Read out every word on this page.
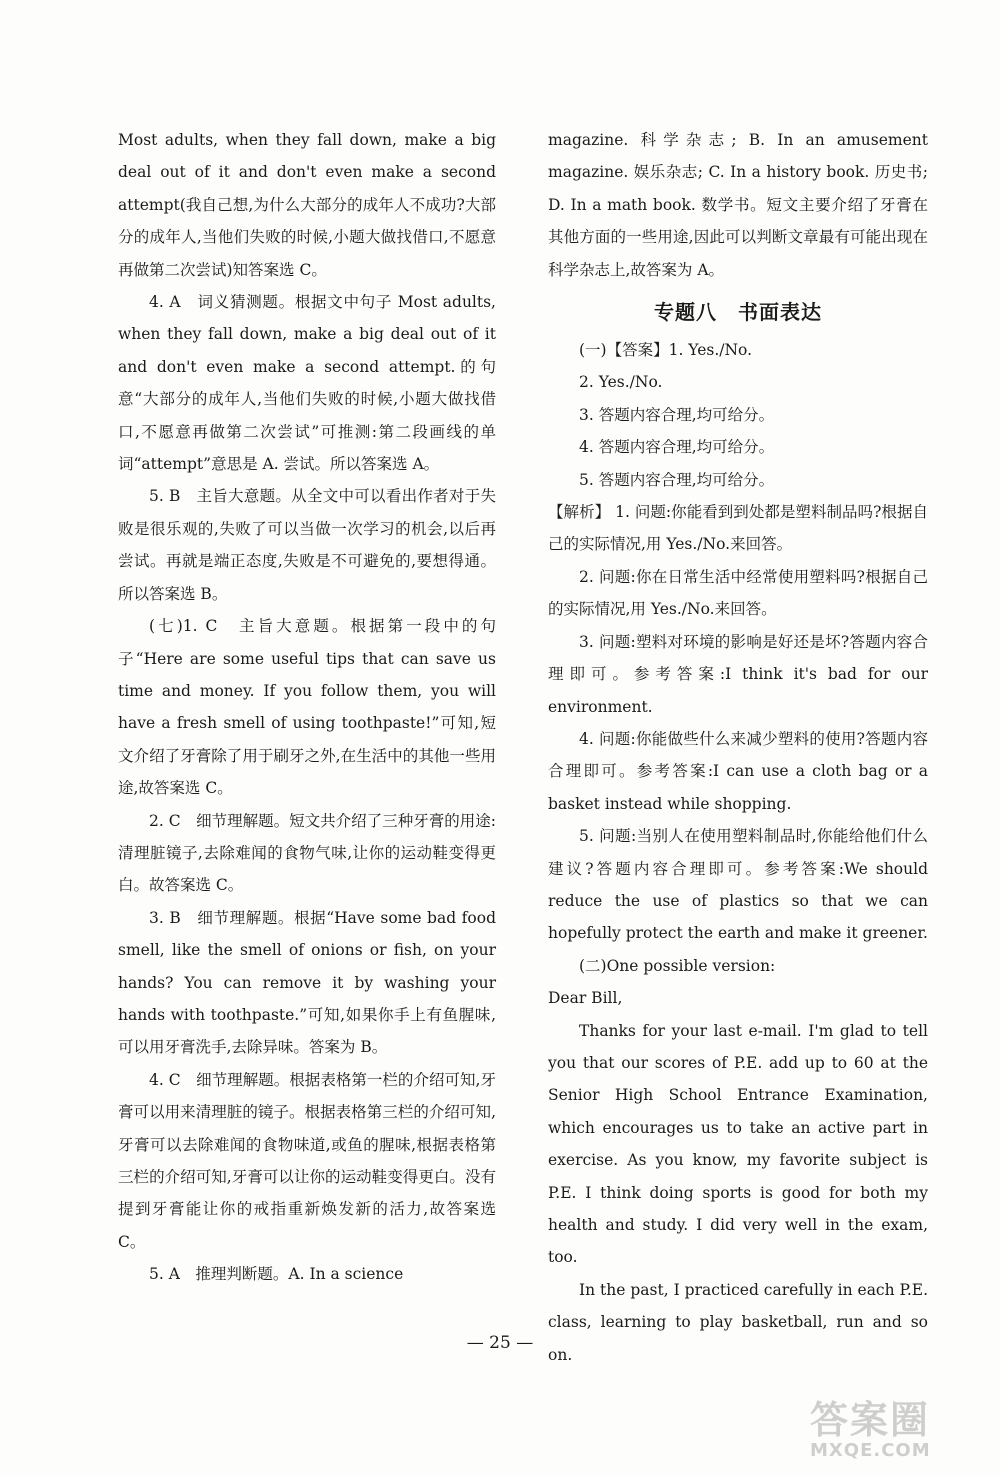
Most adults, when they fall down, make a big deal out of it and don't even make a second attempt(我自己想,为什么大部分的成年人不成功?大部分的成年人,当他们失败的时候,小题大做找借口,不愿意再做第二次尝试)知答案选 C。

4. A　词义猜测题。根据文中句子 Most adults, when they fall down, make a big deal out of it and don't even make a second attempt.的句意“大部分的成年人,当他们失败的时候,小题大做找借口,不愿意再做第二次尝试”可推测:第二段画线的单词“attempt”意思是 A. 尝试。所以答案选 A。

5. B　主旨大意题。从全文中可以看出作者对于失败是很乐观的,失败了可以当做一次学习的机会,以后再尝试。再就是端正态度,失败是不可避免的,要想得通。所以答案选 B。

(七)1. C　主旨大意题。根据第一段中的句子“Here are some useful tips that can save us time and money. If you follow them, you will have a fresh smell of using toothpaste!”可知,短文介绍了牙膏除了用于刷牙之外,在生活中的其他一些用途,故答案选 C。

2. C　细节理解题。短文共介绍了三种牙膏的用途:清理脏镜子,去除难闻的食物气味,让你的运动鞋变得更白。故答案选 C。

3. B　细节理解题。根据“Have some bad food smell, like the smell of onions or fish, on your hands? You can remove it by washing your hands with toothpaste.”可知,如果你手上有鱼腥味,可以用牙膏洗手,去除异味。答案为 B。

4. C　细节理解题。根据表格第一栏的介绍可知,牙膏可以用来清理脏的镜子。根据表格第三栏的介绍可知,牙膏可以去除难闻的食物味道,或鱼的腥味,根据表格第三栏的介绍可知,牙膏可以让你的运动鞋变得更白。没有提到牙膏能让你的戒指重新焕发新的活力,故答案选 C。

5. A　推理判断题。A. In a science

magazine. 科学杂志; B. In an amusement magazine. 娱乐杂志; C. In a history book. 历史书; D. In a math book. 数学书。短文主要介绍了牙膏在其他方面的一些用途,因此可以判断文章最有可能出现在科学杂志上,故答案为 A。

专题八　书面表达

(一)【答案】1. Yes./No.

2. Yes./No.

3. 答题内容合理,均可给分。

4. 答题内容合理,均可给分。

5. 答题内容合理,均可给分。

【解析】 1. 问题:你能看到到处都是塑料制品吗?根据自己的实际情况,用 Yes./No.来回答。

2. 问题:你在日常生活中经常使用塑料吗?根据自己的实际情况,用 Yes./No.来回答。

3. 问题:塑料对环境的影响是好还是坏?答题内容合理即可。参考答案:I think it's bad for our environment.

4. 问题:你能做些什么来减少塑料的使用?答题内容合理即可。参考答案:I can use a cloth bag or a basket instead while shopping.

5. 问题:当别人在使用塑料制品时,你能给他们什么建议?答题内容合理即可。参考答案:We should reduce the use of plastics so that we can hopefully protect the earth and make it greener.

(二)One possible version:

Dear Bill,

Thanks for your last e-mail. I'm glad to tell you that our scores of P.E. add up to 60 at the Senior High School Entrance Examination, which encourages us to take an active part in exercise. As you know, my favorite subject is P.E. I think doing sports is good for both my health and study. I did very well in the exam, too.

In the past, I practiced carefully in each P.E. class, learning to play basketball, run and so on.

— 25 —
答案圈
MXQE.COM
